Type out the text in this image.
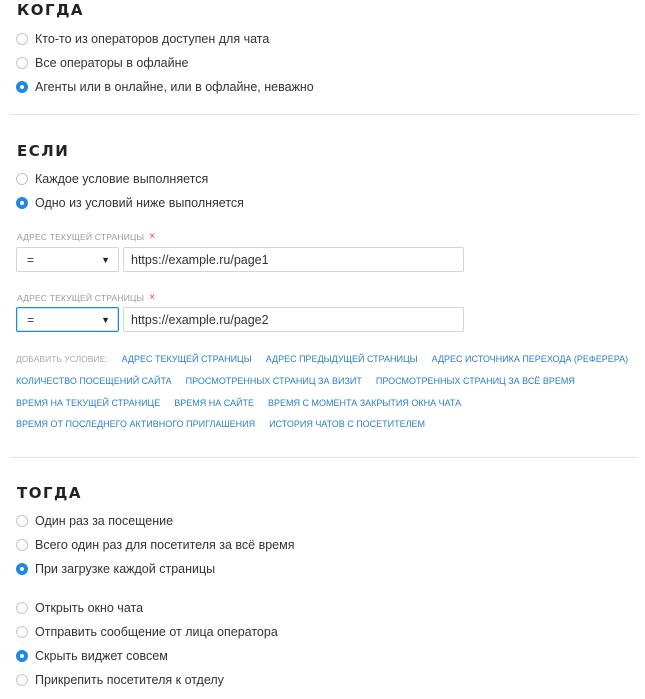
КОГДА
Кто-то из операторов доступен для чата
Все операторы в офлайне
Агенты или в онлайне, или в офлайне, неважно
ЕСЛИ
Каждое условие выполняется
Одно из условий ниже выполняется
АДРЕС ТЕКУЩЕЙ СТРАНИЦЫ ×
=	▼
https://example.ru/page1
АДРЕС ТЕКУЩЕЙ СТРАНИЦЫ ×
=	▼
https://example.ru/page2
ДОБАВИТЬ УСЛОВИЕ: АДРЕС ТЕКУЩЕЙ СТРАНИЦЫ АДРЕС ПРЕДЫДУЩЕЙ СТРАНИЦЫ АДРЕС ИСТОЧНИКА ПЕРЕХОДА (РЕФЕРЕРА)
КОЛИЧЕСТВО ПОСЕЩЕНИЙ САЙТА ПРОСМОТРЕННЫХ СТРАНИЦ ЗА ВИЗИТ ПРОСМОТРЕННЫХ СТРАНИЦ ЗА ВСЁ ВРЕМЯ
ВРЕМЯ НА ТЕКУЩЕЙ СТРАНИЦЕ ВРЕМЯ НА САЙТЕ ВРЕМЯ С МОМЕНТА ЗАКРЫТИЯ ОКНА ЧАТА
ВРЕМЯ ОТ ПОСЛЕДНЕГО АКТИВНОГО ПРИГЛАШЕНИЯ ИСТОРИЯ ЧАТОВ С ПОСЕТИТЕЛЕМ
ТОГДА
Один раз за посещение
Всего один раз для посетителя за всё время
При загрузке каждой страницы
Открыть окно чата
Отправить сообщение от лица оператора
Скрыть виджет совсем
Прикрепить посетителя к отделу
